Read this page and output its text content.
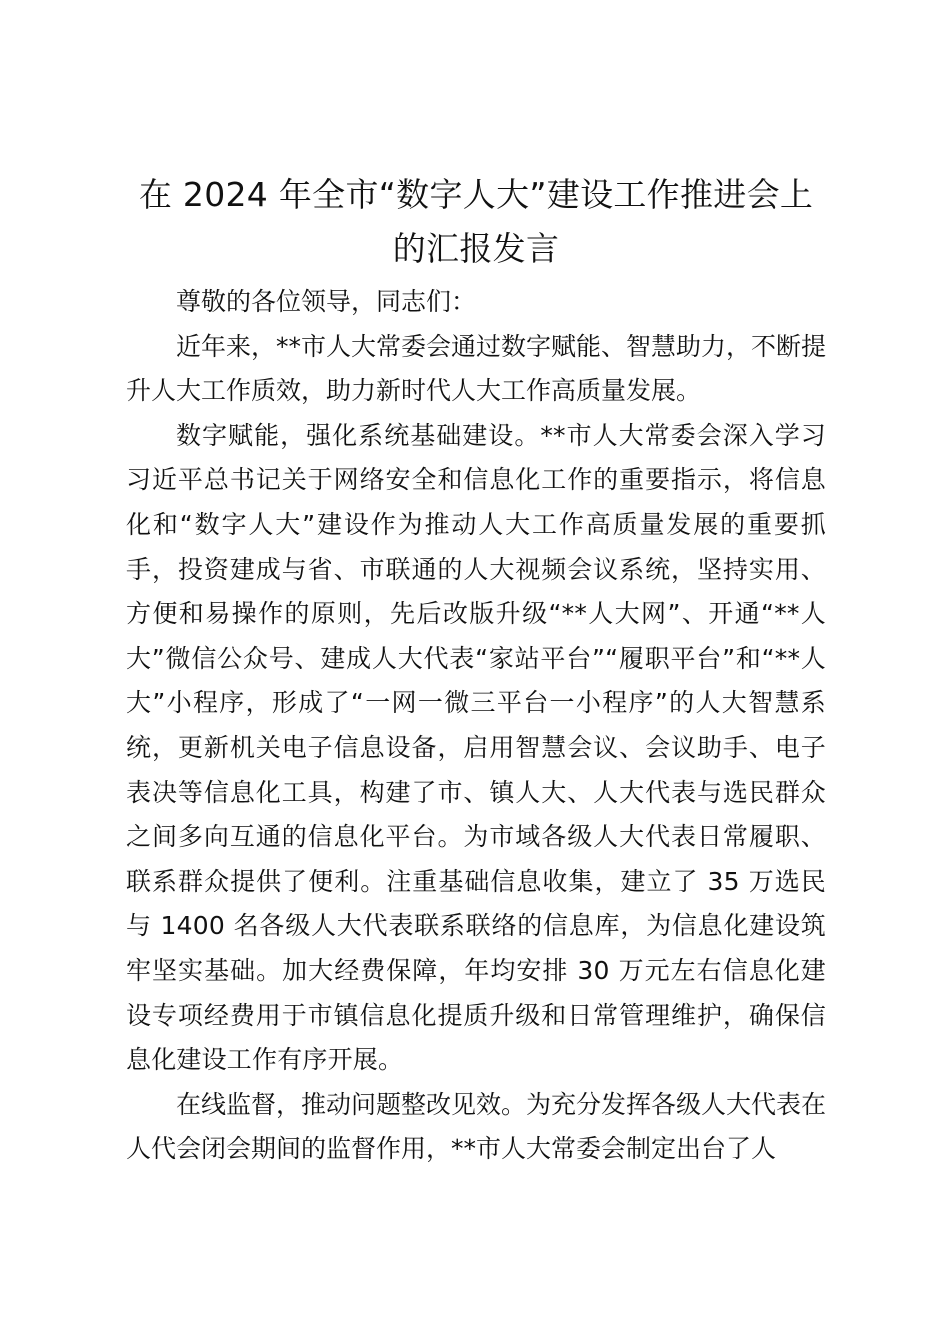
在 2024 年全市“数字人大”建设工作推进会上
的汇报发言

尊敬的各位领导，同志们：

近年来，**市人大常委会通过数字赋能、智慧助力，不断提升人大工作质效，助力新时代人大工作高质量发展。

数字赋能，强化系统基础建设。**市人大常委会深入学习习近平总书记关于网络安全和信息化工作的重要指示，将信息化和“数字人大”建设作为推动人大工作高质量发展的重要抓手，投资建成与省、市联通的人大视频会议系统，坚持实用、方便和易操作的原则，先后改版升级“**人大网”、开通“**人大”微信公众号、建成人大代表“家站平台”“履职平台”和“**人大”小程序，形成了“一网一微三平台一小程序”的人大智慧系统，更新机关电子信息设备，启用智慧会议、会议助手、电子表决等信息化工具，构建了市、镇人大、人大代表与选民群众之间多向互通的信息化平台。为市域各级人大代表日常履职、联系群众提供了便利。注重基础信息收集，建立了 35 万选民与 1400 名各级人大代表联系联络的信息库，为信息化建设筑牢坚实基础。加大经费保障，年均安排 30 万元左右信息化建设专项经费用于市镇信息化提质升级和日常管理维护，确保信息化建设工作有序开展。

在线监督，推动问题整改见效。为充分发挥各级人大代表在人代会闭会期间的监督作用，**市人大常委会制定出台了人
